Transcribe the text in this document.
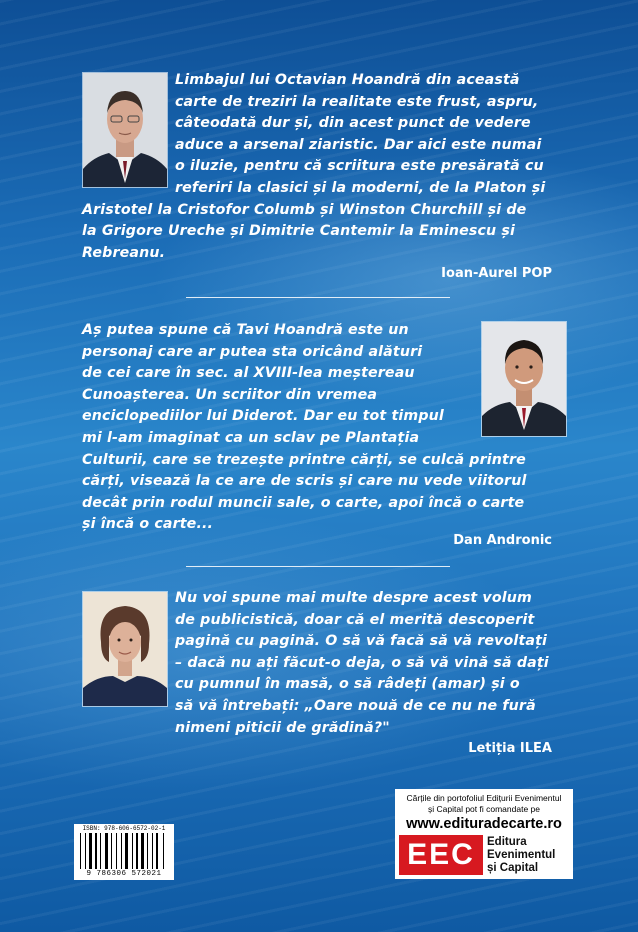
Limbajul lui Octavian Hoandră din această
carte de treziri la realitate este frust, aspru,
câteodată dur și, din acest punct de vedere
aduce a arsenal ziaristic. Dar aici este numai
o iluzie, pentru că scriitura este presărată cu
referiri la clasici și la moderni, de la Platon și

Aristotel la Cristofor Columb și Winston Churchill și de
la Grigore Ureche și Dimitrie Cantemir la Eminescu și
Rebreanu.

Ioan-Aurel POP

Aș putea spune că Tavi Hoandră este un
personaj care ar putea sta oricând alături
de cei care în sec. al XVIII-lea meștereau
Cunoașterea. Un scriitor din vremea
enciclopediilor lui Diderot. Dar eu tot timpul
mi l-am imaginat ca un sclav pe Plantația
Culturii, care se trezește printre cărți, se culcă printre
cărți, visează la ce are de scris și care nu vede viitorul
decât prin rodul muncii sale, o carte, apoi încă o carte
și încă o carte...

Dan Andronic

Nu voi spune mai multe despre acest volum
de publicistică, doar că el merită descoperit
pagină cu pagină. O să vă facă să vă revoltați
– dacă nu ați făcut-o deja, o să vă vină să dați
cu pumnul în masă, o să râdeți (amar) și o
să vă întrebați: „Oare nouă de ce nu ne fură
nimeni piticii de grădină?"

Letiția ILEA
ISBN: 978-606-6572-02-1
9 786306 572021
Cărțile din portofoliul Edițurii Evenimentul
și Capital pot fi comandate pe
www.edituradecarte.ro
EEC	Editura
Evenimentul
și Capital
